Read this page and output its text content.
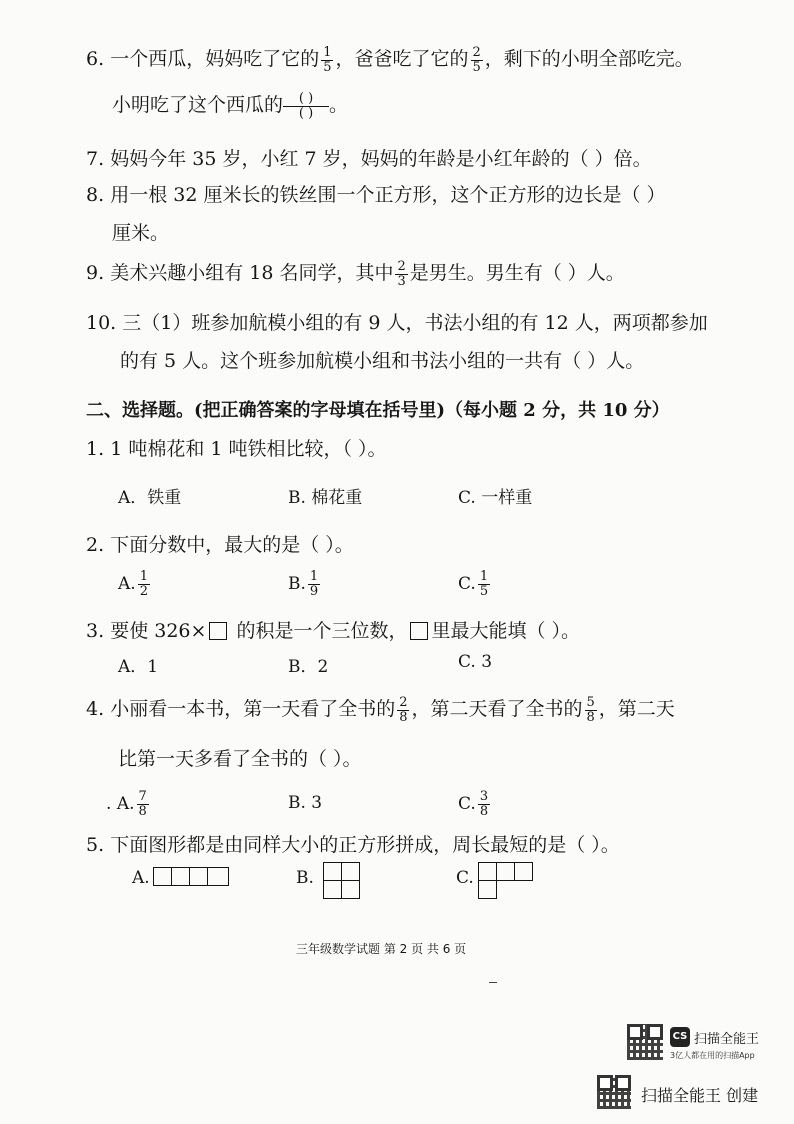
6. 一个西瓜，妈妈吃了它的 $\frac{1}{5}$ ，爸爸吃了它的 $\frac{2}{5}$ ，剩下的小明全部吃完。
小明吃了这个西瓜的	( )
( ) 。
7. 妈妈今年 35 岁，小红 7 岁，妈妈的年龄是小红年龄的（ ）倍。
8. 用一根 32 厘米长的铁丝围一个正方形，这个正方形的边长是（ ）
厘米。
9. 美术兴趣小组有 18 名同学，其中 $\frac{2}{3}$ 是男生。男生有（ ）人。
10. 三（1）班参加航模小组的有 9 人，书法小组的有 12 人，两项都参加
的有 5 人。这个班参加航模小组和书法小组的一共有（ ）人。
二、选择题。(把正确答案的字母填在括号里)（每小题 2 分，共 10 分）
1. 1 吨棉花和 1 吨铁相比较，（ ）。
A．铁重	B. 棉花重	C. 一样重
2. 下面分数中，最大的是（ ）。
A. $\frac{1}{2}$	B. $\frac{1}{9}$	C. $\frac{1}{5}$
3. 要使 326× 的积是一个三位数， 里最大能填（ ）。
A．1	B．2	C. 3
4. 小丽看一本书，第一天看了全书的 $\frac{2}{8}$ ，第二天看了全书的 $\frac{5}{8}$ ，第二天
比第一天多看了全书的（ ）。
. A. $\frac{7}{8}$	B. 3	C. $\frac{3}{8}$
5. 下面图形都是由同样大小的正方形拼成，周长最短的是（ ）。
A.	B.	C.
三年级数学试题 第 2 页 共 6 页
CS 扫描全能王
3亿人都在用的扫描App
扫描全能王 创建
